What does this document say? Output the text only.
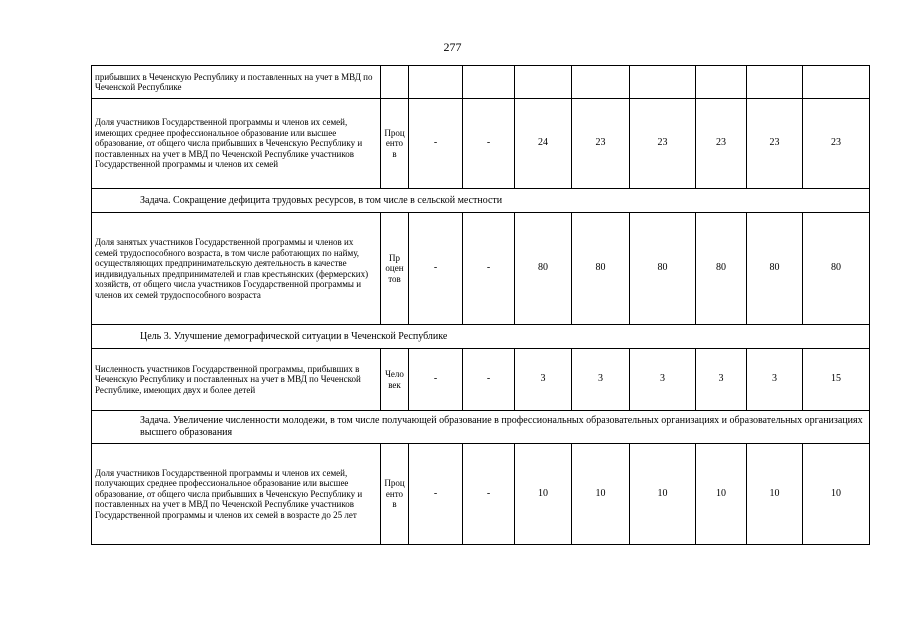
277
прибывших в Чеченскую Республику и поставленных на учет в МВД по Чеченской Республике									
Доля участников Государственной программы и членов их семей, имеющих среднее профессиональное образование или высшее образование, от общего числа прибывших в Чеченскую Республику и поставленных на учет в МВД по Чеченской Республике участников Государственной программы и членов их семей	Проц енто в	-	-	24	23	23	23	23	23
Задача. Сокращение дефицита трудовых ресурсов, в том числе в сельской местности									
Доля занятых участников Государственной программы и членов их семей трудоспособного возраста, в том числе работающих по найму, осуществляющих предпринимательскую деятельность в качестве индивидуальных предпринимателей и глав крестьянских (фермерских) хозяйств, от общего числа участников Государственной программы и членов их семей трудоспособного возраста	Пр оцен тов	-	-	80	80	80	80	80	80
Цель 3. Улучшение демографической ситуации в Чеченской Республике									
Численность участников Государственной программы, прибывших в Чеченскую Республику и поставленных на учет в МВД по Чеченской Республике, имеющих двух и более детей	Чело век	-	-	3	3	3	3	3	15
Задача. Увеличение численности молодежи, в том числе получающей образование в профессиональных образовательных организациях и образовательных организациях высшего образования									
Доля участников Государственной программы и членов их семей, получающих среднее профессиональное образование или высшее образование, от общего числа прибывших в Чеченскую Республику и поставленных на учет в МВД по Чеченской Республике участников Государственной программы и членов их семей в возрасте до 25 лет	Проц енто в	-	-	10	10	10	10	10	10
